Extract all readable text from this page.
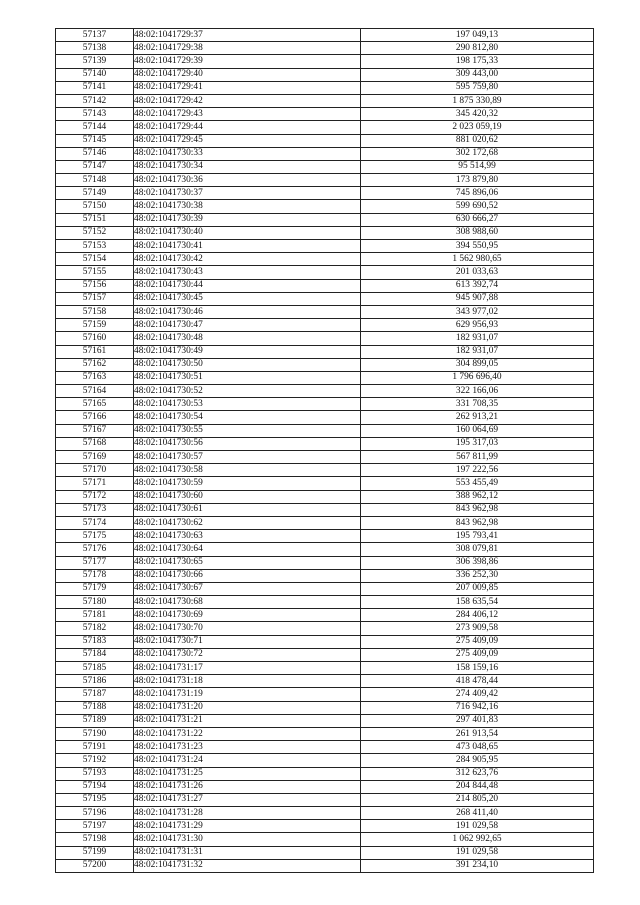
57137	48:02:1041729:37	197 049,13
57138	48:02:1041729:38	290 812,80
57139	48:02:1041729:39	198 175,33
57140	48:02:1041729:40	309 443,00
57141	48:02:1041729:41	595 759,80
57142	48:02:1041729:42	1 875 330,89
57143	48:02:1041729:43	345 420,32
57144	48:02:1041729:44	2 023 059,19
57145	48:02:1041729:45	881 020,62
57146	48:02:1041730:33	302 172,68
57147	48:02:1041730:34	95 514,99
57148	48:02:1041730:36	173 879,80
57149	48:02:1041730:37	745 896,06
57150	48:02:1041730:38	599 690,52
57151	48:02:1041730:39	630 666,27
57152	48:02:1041730:40	308 988,60
57153	48:02:1041730:41	394 550,95
57154	48:02:1041730:42	1 562 980,65
57155	48:02:1041730:43	201 033,63
57156	48:02:1041730:44	613 392,74
57157	48:02:1041730:45	945 907,88
57158	48:02:1041730:46	343 977,02
57159	48:02:1041730:47	629 956,93
57160	48:02:1041730:48	182 931,07
57161	48:02:1041730:49	182 931,07
57162	48:02:1041730:50	304 899,05
57163	48:02:1041730:51	1 796 696,40
57164	48:02:1041730:52	322 166,06
57165	48:02:1041730:53	331 708,35
57166	48:02:1041730:54	262 913,21
57167	48:02:1041730:55	160 064,69
57168	48:02:1041730:56	195 317,03
57169	48:02:1041730:57	567 811,99
57170	48:02:1041730:58	197 222,56
57171	48:02:1041730:59	553 455,49
57172	48:02:1041730:60	388 962,12
57173	48:02:1041730:61	843 962,98
57174	48:02:1041730:62	843 962,98
57175	48:02:1041730:63	195 793,41
57176	48:02:1041730:64	308 079,81
57177	48:02:1041730:65	306 398,86
57178	48:02:1041730:66	336 252,30
57179	48:02:1041730:67	207 009,85
57180	48:02:1041730:68	158 635,54
57181	48:02:1041730:69	284 406,12
57182	48:02:1041730:70	273 909,58
57183	48:02:1041730:71	275 409,09
57184	48:02:1041730:72	275 409,09
57185	48:02:1041731:17	158 159,16
57186	48:02:1041731:18	418 478,44
57187	48:02:1041731:19	274 409,42
57188	48:02:1041731:20	716 942,16
57189	48:02:1041731:21	297 401,83
57190	48:02:1041731:22	261 913,54
57191	48:02:1041731:23	473 048,65
57192	48:02:1041731:24	284 905,95
57193	48:02:1041731:25	312 623,76
57194	48:02:1041731:26	204 844,48
57195	48:02:1041731:27	214 805,20
57196	48:02:1041731:28	268 411,40
57197	48:02:1041731:29	191 029,58
57198	48:02:1041731:30	1 062 992,65
57199	48:02:1041731:31	191 029,58
57200	48:02:1041731:32	391 234,10
